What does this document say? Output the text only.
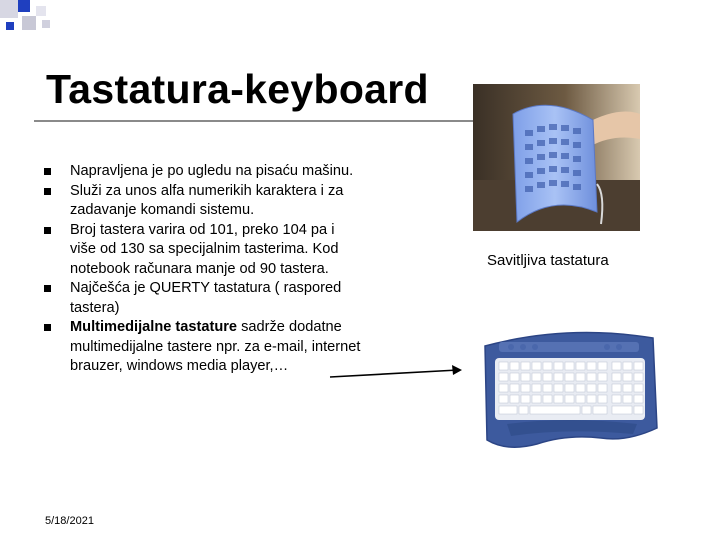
Tastatura-keyboard
Napravljena je po ugledu na pisaću mašinu.
Služi za unos alfa numerikih karaktera i za zadavanje komandi sistemu.
Broj tastera varira od 101, preko 104 pa i više od 130 sa specijalnim tasterima. Kod notebook računara manje od 90 tastera.
Najčešća je QUERTY tastatura ( raspored tastera)
Multimedijalne tastature sadrže dodatne multimedijalne tastere npr. za e-mail, internet brauzer, windows media player,…
5/18/2021
Savitljiva tastatura
